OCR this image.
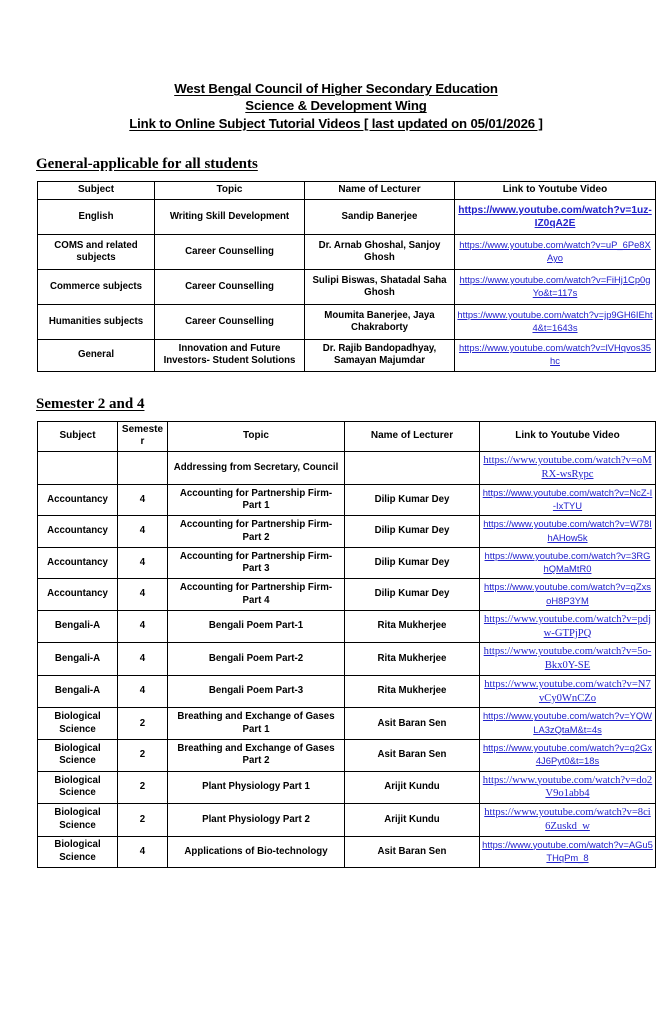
West Bengal Council of Higher Secondary Education
Science & Development Wing
Link to Online Subject Tutorial Videos [ last updated on 05/01/2026 ]
General-applicable for all students
Subject	Topic	Name of Lecturer	Link to Youtube Video
English	Writing Skill Development	Sandip Banerjee	https://www.youtube.com/watch?v=1uz-IZ0qA2E
COMS and related subjects	Career Counselling	Dr. Arnab Ghoshal, Sanjoy Ghosh	https://www.youtube.com/watch?v=uP_6Pe8XAyo
Commerce subjects	Career Counselling	Sulipi Biswas, Shatadal Saha Ghosh	https://www.youtube.com/watch?v=FiHj1Cp0gYo&t=117s
Humanities subjects	Career Counselling	Moumita Banerjee, Jaya Chakraborty	https://www.youtube.com/watch?v=jp9GH6IEht4&t=1643s
General	Innovation and Future Investors- Student Solutions	Dr. Rajib Bandopadhyay, Samayan Majumdar	https://www.youtube.com/watch?v=lVHqvos35hc
Semester 2 and 4
Subject	Semester	Topic	Name of Lecturer	Link to Youtube Video
		Addressing from Secretary, Council		https://www.youtube.com/watch?v=oMRX-wsRypc
Accountancy	4	Accounting for Partnership Firm- Part 1	Dilip Kumar Dey	https://www.youtube.com/watch?v=NcZ-I-IxTYU
Accountancy	4	Accounting for Partnership Firm- Part 2	Dilip Kumar Dey	https://www.youtube.com/watch?v=W78IhAHow5k
Accountancy	4	Accounting for Partnership Firm- Part 3	Dilip Kumar Dey	https://www.youtube.com/watch?v=3RGhQMaMtR0
Accountancy	4	Accounting for Partnership Firm- Part 4	Dilip Kumar Dey	https://www.youtube.com/watch?v=qZxsoH8P3YM
Bengali-A	4	Bengali Poem Part-1	Rita Mukherjee	https://www.youtube.com/watch?v=pdjw-GTPjPQ
Bengali-A	4	Bengali Poem Part-2	Rita Mukherjee	https://www.youtube.com/watch?v=5o-Bkx0Y-SE
Bengali-A	4	Bengali Poem Part-3	Rita Mukherjee	https://www.youtube.com/watch?v=N7vCy0WnCZo
Biological Science	2	Breathing and Exchange of Gases Part 1	Asit Baran Sen	https://www.youtube.com/watch?v=YQWLA3zQtaM&t=4s
Biological Science	2	Breathing and Exchange of Gases Part 2	Asit Baran Sen	https://www.youtube.com/watch?v=q2Gx4J6Pyt0&t=18s
Biological Science	2	Plant Physiology Part 1	Arijit Kundu	https://www.youtube.com/watch?v=do2V9o1abb4
Biological Science	2	Plant Physiology Part 2	Arijit Kundu	https://www.youtube.com/watch?v=8ci6Zuskd_w
Biological Science	4	Applications of Bio-technology	Asit Baran Sen	https://www.youtube.com/watch?v=AGu5THqPm_8
